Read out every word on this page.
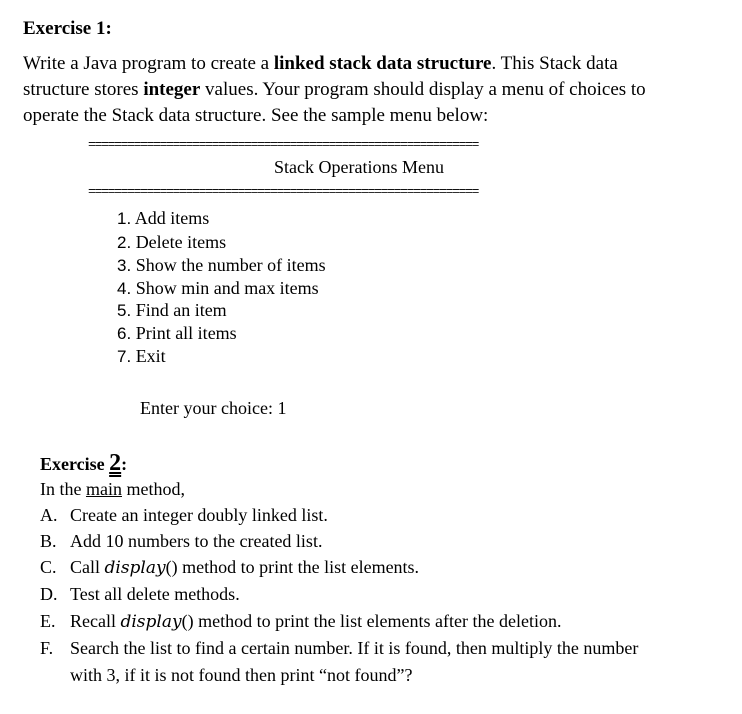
Exercise 1:
Write a Java program to create a linked stack data structure. This Stack data
structure stores integer values. Your program should display a menu of choices to
operate the Stack data structure. See the sample menu below:
============================================================
Stack Operations Menu
============================================================
1. Add items
2. Delete items
3. Show the number of items
4. Show min and max items
5. Find an item
6. Print all items
7. Exit
Enter your choice: 1
Exercise 2:
In the main method,
A. Create an integer doubly linked list.
B. Add 10 numbers to the created list.
C. Call display() method to print the list elements.
D. Test all delete methods.
E. Recall display() method to print the list elements after the deletion.
F. Search the list to find a certain number. If it is found, then multiply the number
with 3, if it is not found then print “not found”?
